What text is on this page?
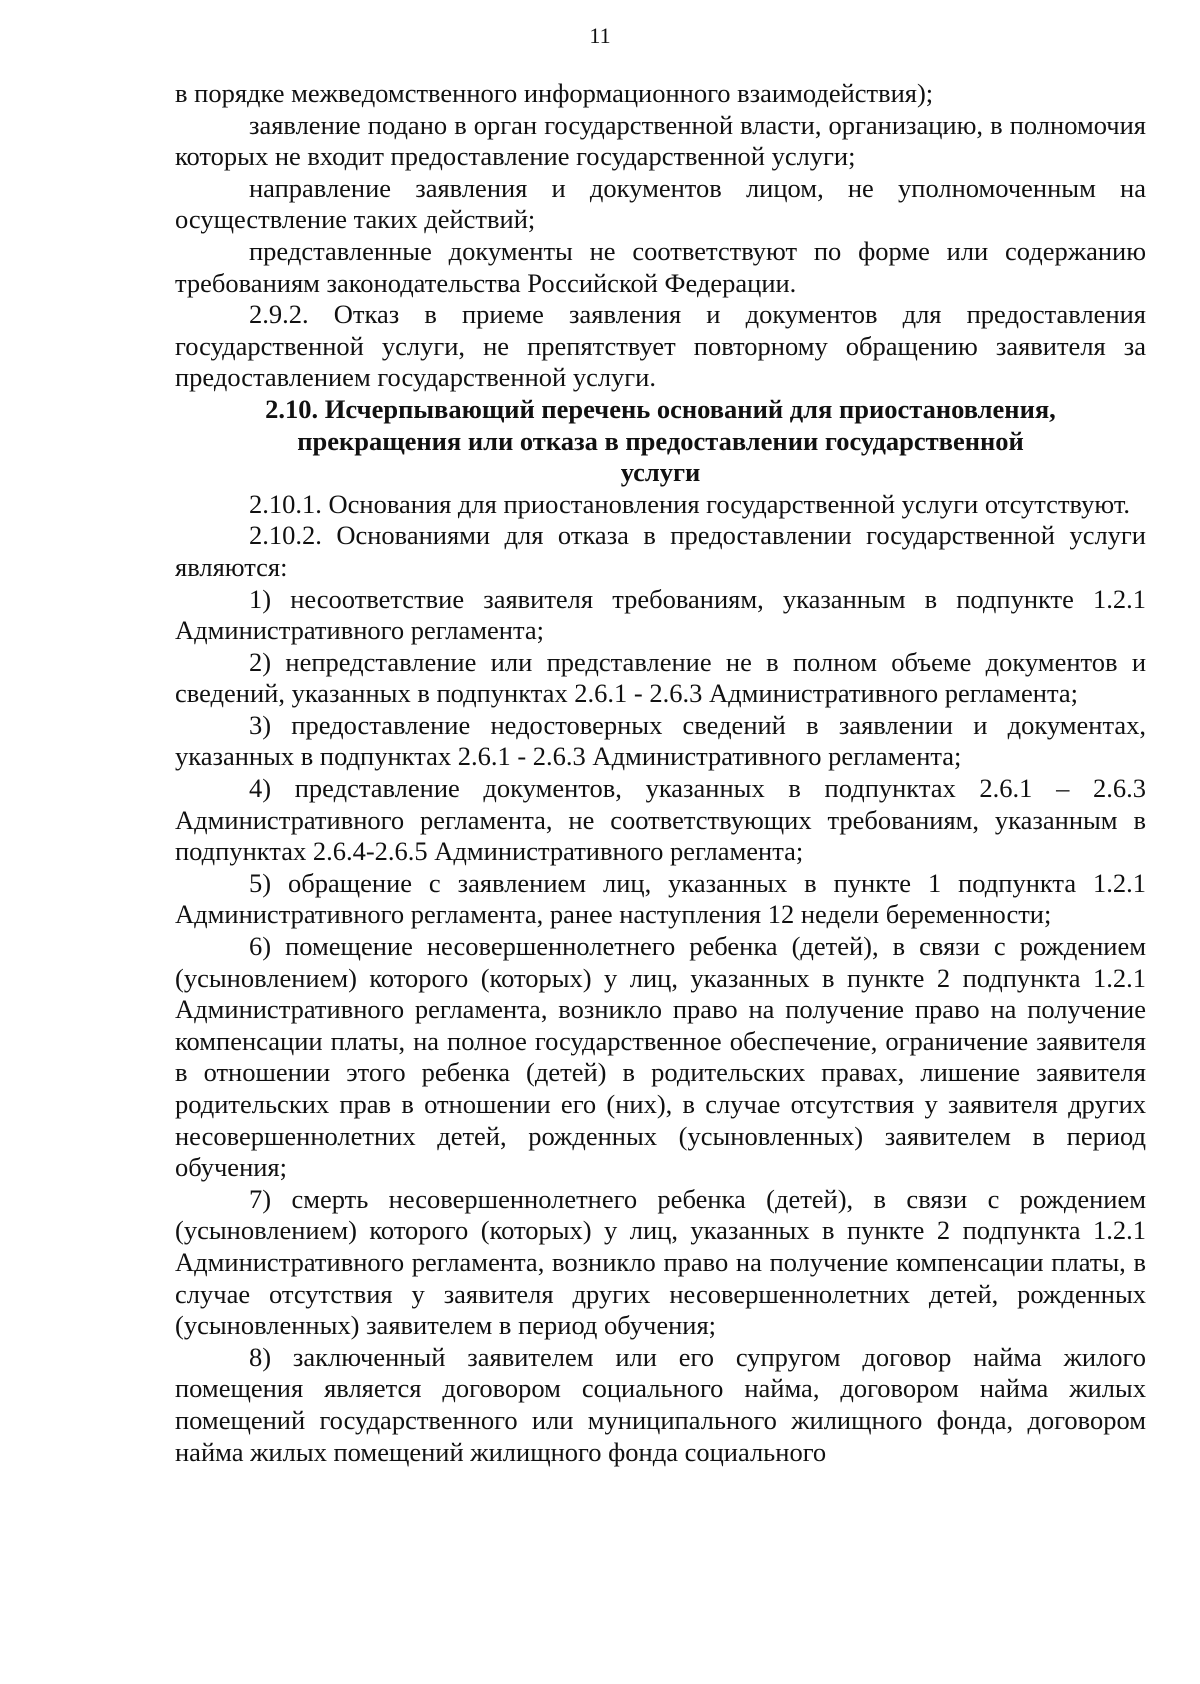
11

в порядке межведомственного информационного взаимодействия);

заявление подано в орган государственной власти, организацию, в полномочия которых не входит предоставление государственной услуги;

направление заявления и документов лицом, не уполномоченным на осуществление таких действий;

представленные документы не соответствуют по форме или содержанию требованиям законодательства Российской Федерации.

2.9.2. Отказ в приеме заявления и документов для предоставления государственной услуги, не препятствует повторному обращению заявителя за предоставлением государственной услуги.

2.10. Исчерпывающий перечень оснований для приостановления,
прекращения или отказа в предоставлении государственной
услуги

2.10.1. Основания для приостановления государственной услуги отсутствуют.

2.10.2. Основаниями для отказа в предоставлении государственной услуги являются:

1) несоответствие заявителя требованиям, указанным в подпункте 1.2.1 Административного регламента;

2) непредставление или представление не в полном объеме документов и сведений, указанных в подпунктах 2.6.1 - 2.6.3 Административного регламента;

3) предоставление недостоверных сведений в заявлении и документах, указанных в подпунктах 2.6.1 - 2.6.3 Административного регламента;

4) представление документов, указанных в подпунктах 2.6.1 – 2.6.3 Административного регламента, не соответствующих требованиям, указанным в подпунктах 2.6.4-2.6.5 Административного регламента;

5) обращение с заявлением лиц, указанных в пункте 1 подпункта 1.2.1 Административного регламента, ранее наступления 12 недели беременности;

6) помещение несовершеннолетнего ребенка (детей), в связи с рождением (усыновлением) которого (которых) у лиц, указанных в пункте 2 подпункта 1.2.1 Административного регламента, возникло право на получение право на получение компенсации платы, на полное государственное обеспечение, ограничение заявителя в отношении этого ребенка (детей) в родительских правах, лишение заявителя родительских прав в отношении его (них), в случае отсутствия у заявителя других несовершеннолетних детей, рожденных (усыновленных) заявителем в период обучения;

7) смерть несовершеннолетнего ребенка (детей), в связи с рождением (усыновлением) которого (которых) у лиц, указанных в пункте 2 подпункта 1.2.1 Административного регламента, возникло право на получение компенсации платы, в случае отсутствия у заявителя других несовершеннолетних детей, рожденных (усыновленных) заявителем в период обучения;

8) заключенный заявителем или его супругом договор найма жилого помещения является договором социального найма, договором найма жилых помещений государственного или муниципального жилищного фонда, договором найма жилых помещений жилищного фонда социального
